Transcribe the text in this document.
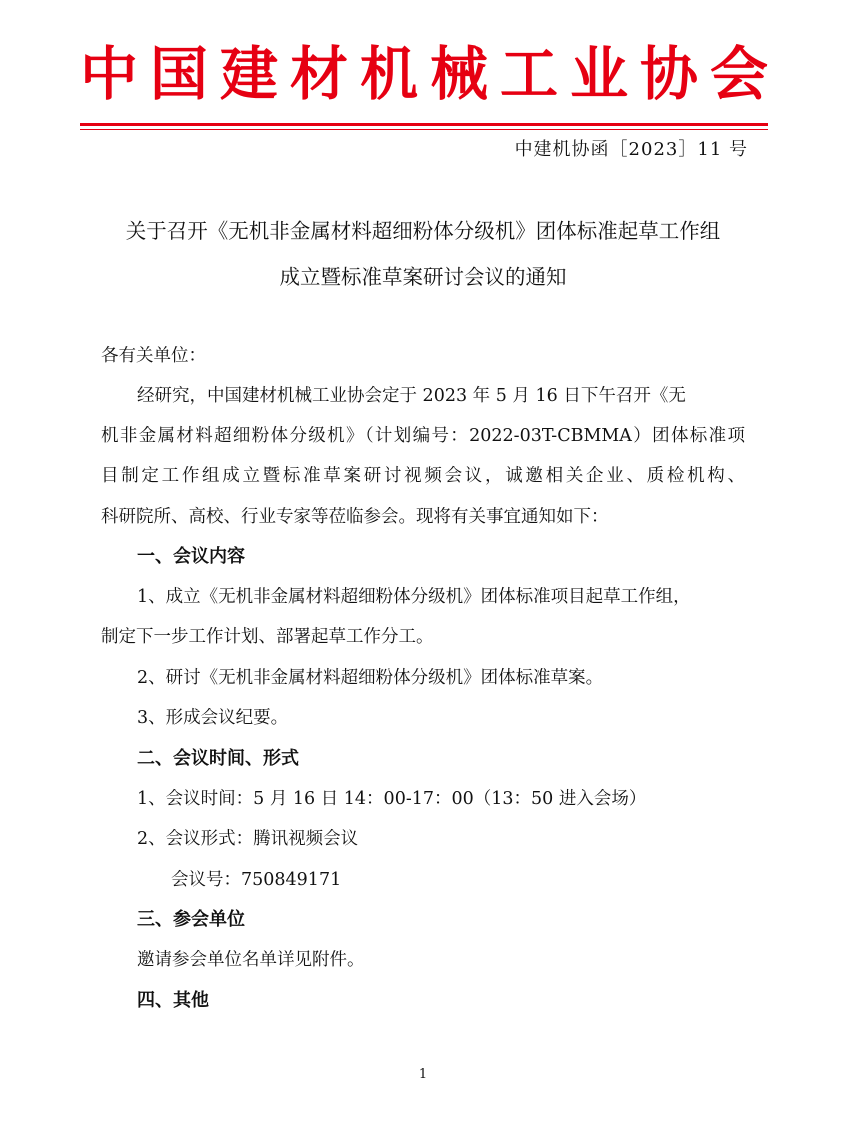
中国建材机械工业协会
中建机协函［2023］11 号
关于召开《无机非金属材料超细粉体分级机》团体标准起草工作组
成立暨标准草案研讨会议的通知
各有关单位：
经研究，中国建材机械工业协会定于 2023 年 5 月 16 日下午召开《无
机非金属材料超细粉体分级机》（计划编号：2022-03T-CBMMA）团体标准项
目制定工作组成立暨标准草案研讨视频会议，诚邀相关企业、质检机构、
科研院所、高校、行业专家等莅临参会。现将有关事宜通知如下：
一、会议内容
1、成立《无机非金属材料超细粉体分级机》团体标准项目起草工作组，
制定下一步工作计划、部署起草工作分工。
2、研讨《无机非金属材料超细粉体分级机》团体标准草案。
3、形成会议纪要。
二、会议时间、形式
1、会议时间：5 月 16 日 14：00-17：00（13：50 进入会场）
2、会议形式：腾讯视频会议
会议号：750849171
三、参会单位
邀请参会单位名单详见附件。
四、其他
1
